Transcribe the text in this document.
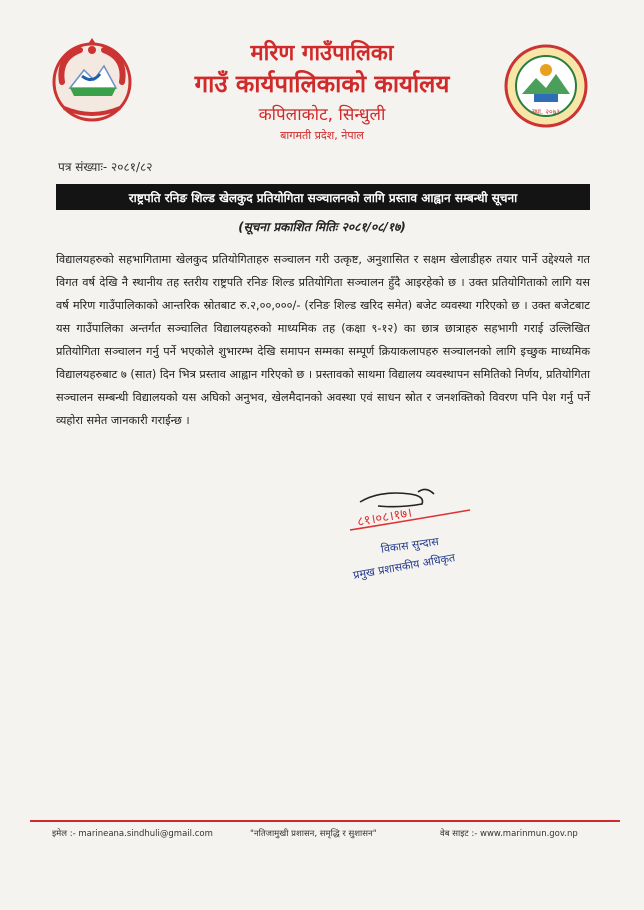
मरिण गाउँपालिका
गाउँ कार्यपालिकाको कार्यालय
कपिलाकोट, सिन्धुली
बागमती प्रदेश, नेपाल
स्था. २०७३
पत्र संख्याः- २०८१/८२
राष्ट्रपति रनिङ शिल्ड खेलकुद प्रतियोगिता सञ्चालनको लागि प्रस्ताव आह्वान सम्बन्धी सूचना
(सूचना प्रकाशित मितिः २०८१/०८/१७)
विद्यालयहरुको सहभागितामा खेलकुद प्रतियोगिताहरु सञ्चालन गरी उत्कृष्ट, अनुशासित र सक्षम खेलाडीहरु तयार पार्ने उद्देश्यले गत विगत वर्ष देखि नै स्थानीय तह स्तरीय राष्ट्रपति रनिङ शिल्ड प्रतियोगिता सञ्चालन हुँदै आइरहेको छ । उक्त प्रतियोगिताको लागि यस वर्ष मरिण गाउँपालिकाको आन्तरिक स्रोतबाट रु.२,००,०००/- (रनिङ शिल्ड खरिद समेत) बजेट व्यवस्था गरिएको छ । उक्त बजेटबाट यस गाउँपालिका अन्तर्गत सञ्चालित विद्यालयहरुको माध्यमिक तह (कक्षा ९-१२) का छात्र छात्राहरु सहभागी गराई उल्लिखित प्रतियोगिता सञ्चालन गर्नु पर्ने भएकोले शुभारम्भ देखि समापन सम्मका सम्पूर्ण क्रियाकलापहरु सञ्चालनको लागि इच्छुक माध्यमिक विद्यालयहरुबाट ७ (सात) दिन भित्र प्रस्ताव आह्वान गरिएको छ । प्रस्तावको साथमा विद्यालय व्यवस्थापन समितिको निर्णय, प्रतियोगिता सञ्चालन सम्बन्धी विद्यालयको यस अघिको अनुभव, खेलमैदानको अवस्था एवं साधन स्रोत र जनशक्तिको विवरण पनि पेश गर्नु पर्ने व्यहोरा समेत जानकारी गराईन्छ ।
८१।०८।१७।
विकास सुन्दास
प्रमुख प्रशासकीय अधिकृत
इमेल :- marineana.sindhuli@gmail.com	"नतिजामुखी प्रशासन, समृद्धि र सुशासन"	वेब साइट :- www.marinmun.gov.np
